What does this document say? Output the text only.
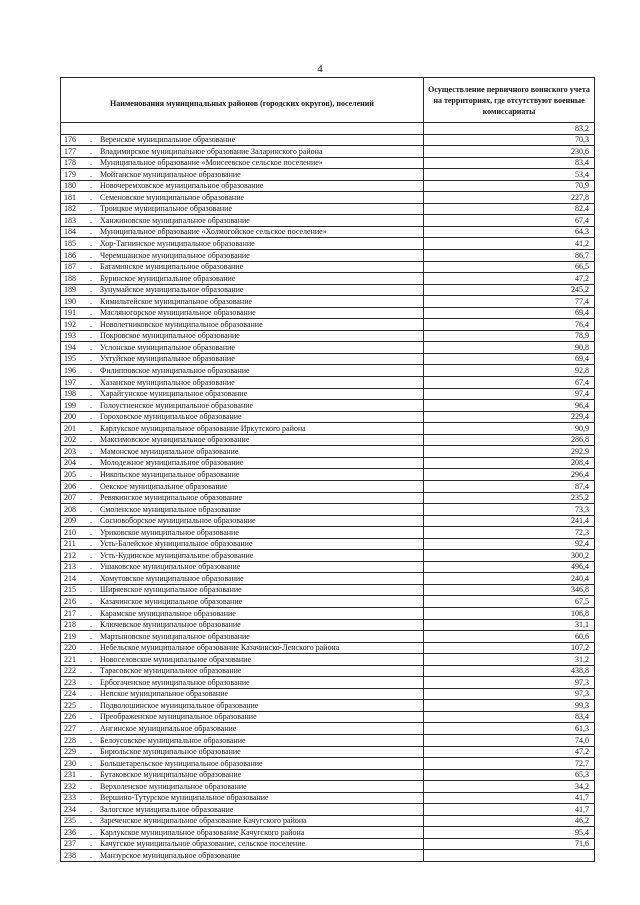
4
Наименования муниципальных районов (городских округов), поселений	Осуществление первичного воинского учета на территориях, где отсутствуют военные комиссариаты
	83,2
176 . Веренское муниципальное образование	70,3
177 . Владимирское муниципальное образование Заларинского района	230,6
178 . Муниципальное образование «Моисеевское сельское поселение»	83,4
179 . Мойганское муниципальное образование	53,4
180 . Новочеремховское муниципальное образование	70,9
181 . Семеновское муниципальное образование	227,8
182 . Троицкое муниципальное образование	82,4
183 . Ханжиновское муниципальное образование	67,4
184 . Муниципальное образование «Холмогойское сельское поселение»	64,3
185 . Хор-Тагнинское муниципальное образование	41,2
186 . Черемшанское муниципальное образование	86,7
187 . Батаминское муниципальное образование	66,5
188 . Буринское муниципальное образование	47,2
189 . Зунумайское муниципальное образование	245,2
190 . Кимильтейское муниципальное образование	77,4
191 . Масляногорское муниципальное образование	69,4
192 . Новолетниковское муниципальное образование	76,4
193 . Покровское муниципальное образование	78,9
194 . Услонское муниципальное образование	90,8
195 . Ухтуйское муниципальное образование	69,4
196 . Филипповское муниципальное образование	92,8
197 . Хазанское муниципальное образование	67,4
198 . Харайгунское муниципальное образование	97,4
199 . Голоустненское муниципальное образование	96,4
200 . Гороховское муниципальное образование	229,4
201 . Карлукское муниципальное образование Иркутского района	90,9
202 . Максимовское муниципальное образование	286,8
203 . Мамонское муниципальное образование	292,9
204 . Молодежное муниципальное образование	208,4
205 . Никольское муниципальное образование	296,4
206 . Оекское муниципальное образование	87,4
207 . Ревякинское муниципальное образование	235,2
208 . Смоленское муниципальное образование	73,3
209 . Сосновоборское муниципальное образование	241,4
210 . Уриковское муниципальное образование	72,3
211 . Усть-Балейское муниципальное образование	92,4
212 . Усть-Кудинское муниципальное образование	300,2
213 . Ушаковское муниципальное образование	496,4
214 . Хомутовское муниципальное образование	240,4
215 . Ширяевское муниципальное образование	346,8
216 . Казачинское муниципальное образование	67,5
217 . Карамское муниципальное образование	106,8
218 . Ключевское муниципальное образование	31,1
219 . Мартыновское муниципальное образование	60,6
220 . Небельское муниципальное образование Казачинско-Ленского района	107,2
221 . Новоселовское муниципальное образование	31,2
222 . Тарасовское муниципальное образование	438,8
223 . Ербогаченское муниципальное образование	97,3
224 . Непское муниципальное образование	97,3
225 . Подволошинское муниципальное образование	99,3
226 . Преображенское муниципальное образование	83,4
227 . Ангинское муниципальное образование	61,3
228 . Белоусовское муниципальное образование	74,0
229 . Бирюльское муниципальное образование	47,2
230 . Большетарельское муниципальное образование	72,7
231 . Бутаковское муниципальное образование	65,3
232 . Верхоленское муниципальное образование	34,2
233 . Вершино-Тутурское муниципальное образование	41,7
234 . Залогское муниципальное образование	41,7
235 . Зареченское муниципальное образование Качугского района	46,2
236 . Карлукское муниципальное образование Качугского района	95,4
237 . Качугское муниципальное образование, сельское поселение	71,6
238 . Манзурское муниципальное образование	
